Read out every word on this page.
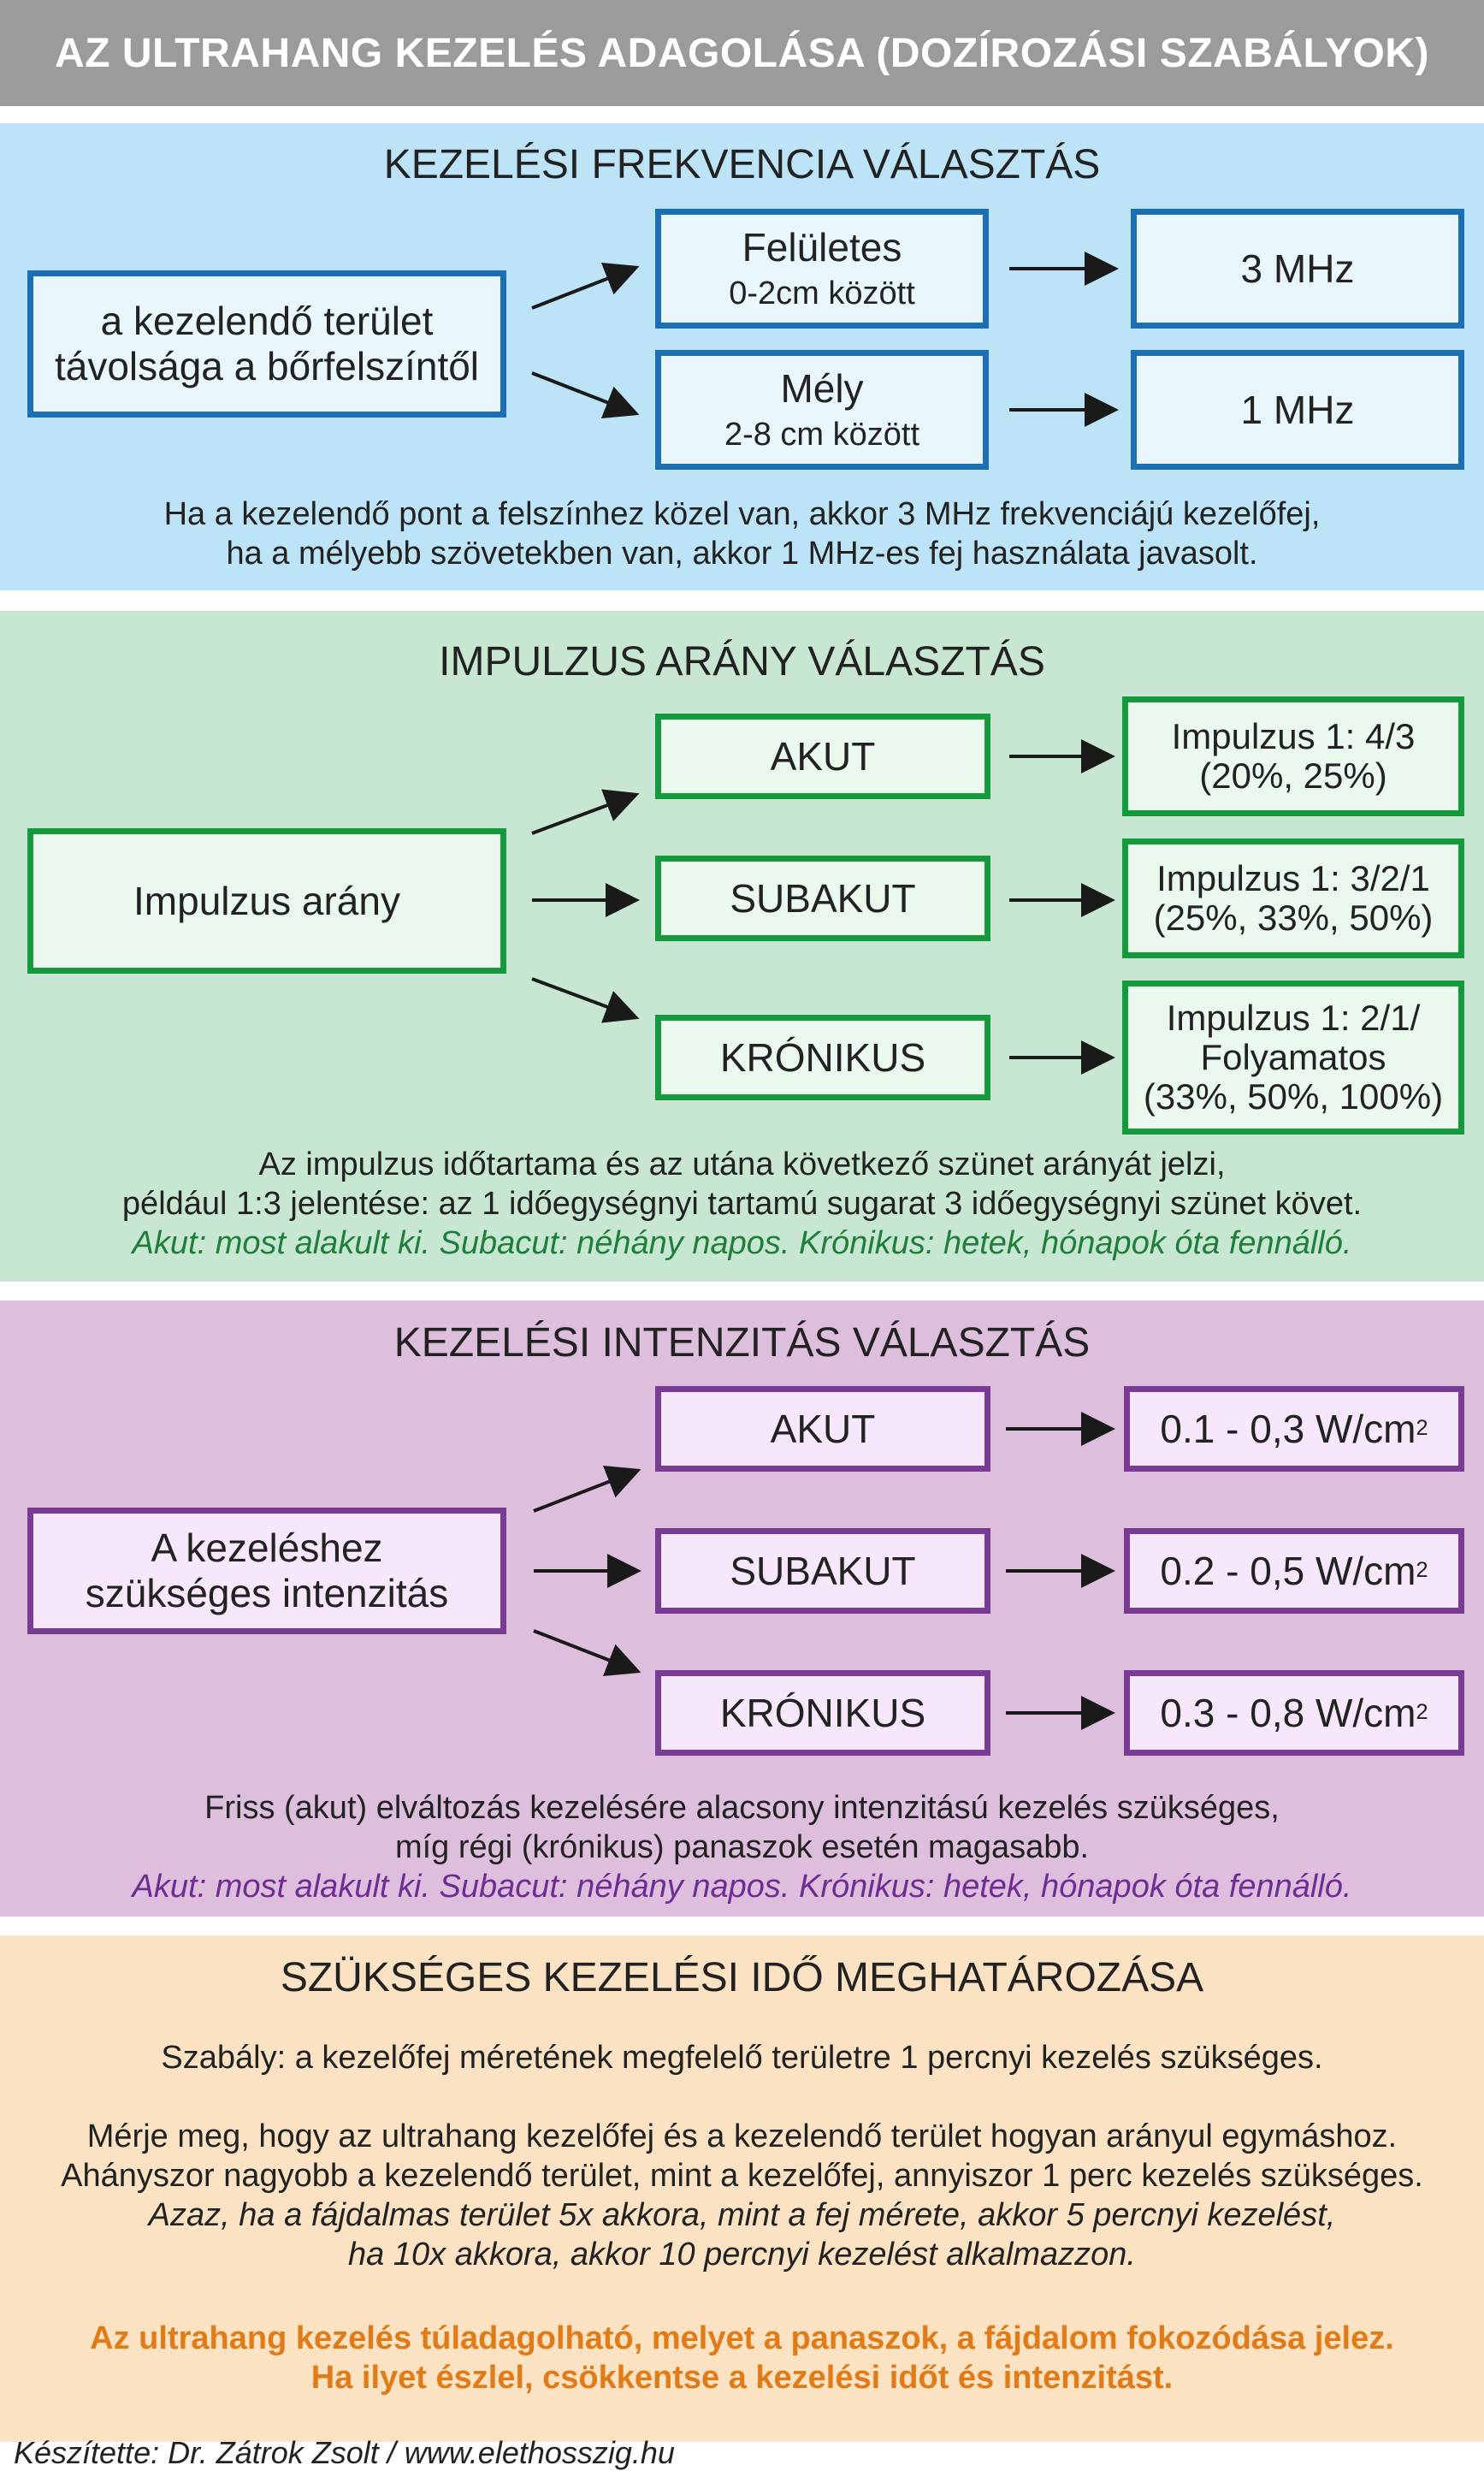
AZ ULTRAHANG KEZELÉS ADAGOLÁSA (DOZÍROZÁSI SZABÁLYOK)
KEZELÉSI FREKVENCIA VÁLASZTÁS
a kezelendő terület távolsága a bőrfelszíntől
Felületes
0-2cm között
Mély
2-8 cm között
3 MHz
1 MHz
Ha a kezelendő pont a felszínhez közel van, akkor 3 MHz frekvenciájú kezelőfej,
ha a mélyebb szövetekben van, akkor 1 MHz-es fej használata javasolt.
IMPULZUS ARÁNY VÁLASZTÁS
Impulzus arány
AKUT
SUBAKUT
KRÓNIKUS
Impulzus 1: 4/3
(20%, 25%)
Impulzus 1: 3/2/1
(25%, 33%, 50%)
Impulzus 1: 2/1/
Folyamatos
(33%, 50%, 100%)
Az impulzus időtartama és az utána következő szünet arányát jelzi,
például 1:3 jelentése: az 1 időegységnyi tartamú sugarat 3 időegységnyi szünet követ.
Akut: most alakult ki. Subacut: néhány napos. Krónikus: hetek, hónapok óta fennálló.
KEZELÉSI INTENZITÁS VÁLASZTÁS
A kezeléshez
szükséges intenzitás
AKUT
SUBAKUT
KRÓNIKUS
0.1 - 0,3 W/cm 2
0.2 - 0,5 W/cm 2
0.3 - 0,8 W/cm 2
Friss (akut) elváltozás kezelésére alacsony intenzitású kezelés szükséges,
míg régi (krónikus) panaszok esetén magasabb.
Akut: most alakult ki. Subacut: néhány napos. Krónikus: hetek, hónapok óta fennálló.
SZÜKSÉGES KEZELÉSI IDŐ MEGHATÁROZÁSA
Szabály: a kezelőfej méretének megfelelő területre 1 percnyi kezelés szükséges.
Mérje meg, hogy az ultrahang kezelőfej és a kezelendő terület hogyan arányul egymáshoz.
Ahányszor nagyobb a kezelendő terület, mint a kezelőfej, annyiszor 1 perc kezelés szükséges.
Azaz, ha a fájdalmas terület 5x akkora, mint a fej mérete, akkor 5 percnyi kezelést,
ha 10x akkora, akkor 10 percnyi kezelést alkalmazzon.
Az ultrahang kezelés túladagolható, melyet a panaszok, a fájdalom fokozódása jelez.
Ha ilyet észlel, csökkentse a kezelési időt és intenzitást.
Készítette: Dr. Zátrok Zsolt / www.elethosszig.hu
